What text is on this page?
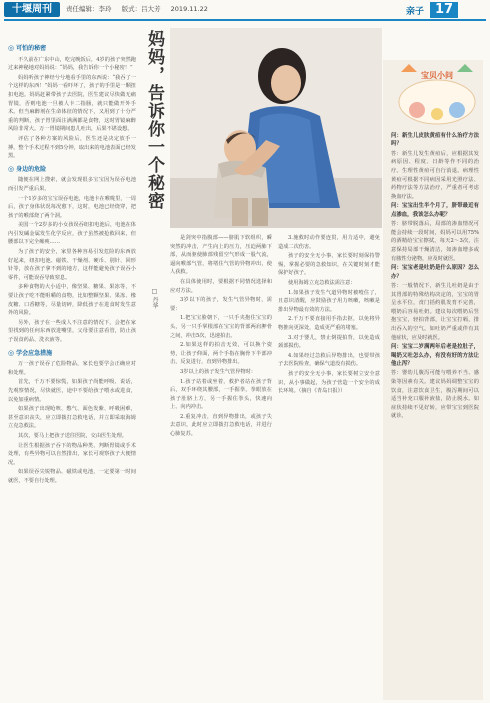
十堰周刊	责任编辑：李玲 版式：吕大芳 2019.11.22	亲子 17
◎ 可怕的秘密

不久前在广东中山，吃完晚饭后，4岁的孩子突然跑过来神秘地对妈妈说：“妈妈，我告诉你一个小秘密！”

妈妈听孩子神经兮兮地看手里的东西说：“我吞了一个这样的东西！”妈妈一看吓坏了，孩子的手里是一颗扭扣电池。妈妈赶紧带孩子去医院，医生建议尽快做无痛胃镜，否则电池一旦被人卡二指肠，就只能做开外手术。但当麻醉剂在生命体征的情况下，又用到了十分严重的判断，孩子胃里面注满满都是食物，这时胃镜麻醉风险非常大。万一胃镜期间患儿吐出，后果不堪设想。

评估了各种方案的风险后，医生还是决定放手一搏。整个手术过程不到5分钟，取出来的电池表面已经发黑。

◎ 身边的危险

随便在网上搜索，就会发现很多宝宝因为误吞电池而引发严重后果。

一个1岁多的宝宝误吞电池，电池卡在喉咙里，一周后，孩子身体状况每况愈下，这时，电池已经烧穿，把孩子的喉部烧了两个洞。

美国一个2岁多的小女孩误吞纽扣电池后，电池在体内引发碱金属发生化学反应，孩子虽然被抢救回来，但腰部以下完全瘫痪……

为了孩子的安全，家里各种容易引发危险的东西放好起来，纽扣电池、磁铁、干燥剂、硬币、别针、回形针等，放在孩子拿不到的地方，这样能避免孩子误吞小零件，可能误吞导致窒息。

多种食物的大小适中，像坚果、糖果、果冻等，不要让孩子吃不能咀嚼的食物，比如整颗坚果、果冻、橡皮糖、口香糖等，尽量切碎，降低孩子在进食时发生意外的风险。

另外，孩子在一些成人不注意的情况下，会把在家里找到的任何东西放进嘴里，父母要注意看管，防止孩子误食药品、洗衣液等。

◎ 学会应急措施

万一孩子误吞了危险物品，家长也要学会正确应对和处理。

首先，千万不要惊慌，如果孩子尚能呼吸、说话，先观察情况，尽快就医，途中不要给孩子喂水或进食，以免加重病情。

如果孩子出现呛咳、憋气、面色发紫、呼吸困难，甚至意识丧失，应立即拨打急救电话，并立即采取海姆立克急救法。

其次，要马上把孩子送往医院，交由医生处理。

让医生根据孩子吞下的物品种类、判断胃镜或手术处理，有些异物可以自然排出，家长可观察孩子大便情况。

如果误吞尖锐物品、磁铁或电池，一定要第一时间就医，不要自行处理。

妈妈，告诉你一个秘密
□ 丹华

是剑突中指腹部——脐肌下软组织，瞬突然的冲击，产生向上的压力，压迫两肺下部，从而驱使肺部残留空气形成一股气流，逼向喉部气管，将堵住气管的异物冲出，使人获救。

在具体使用时，要根据不同情况选择和应对方法。

3岁以下的孩子，发生气管异物时，需要：

1.把宝宝脸朝下，一只手夹抱住宝宝的头，另一只手掌根部在宝宝的背部两肩胛骨之间，冲击5次，迅速拍击。

2.如果这样的拍击无效，可以换个姿势，让孩子仰面，两个手指在胸骨下半部冲击，反复进行，直到异物排出。

3岁以上的孩子发生气管异物时：

1.孩子站着或坐着，救护者站在孩子背后，双手环绕其腰部，一手握拳，拳眼放在孩子肚脐上方，另一手握住拳头，快速向上、向内冲击。

2.重复冲击，直到异物排出，或孩子失去意识，此时应立即拨打急救电话，并进行心肺复苏。

3.施救时动作要连贯，用力适中，避免造成二次伤害。

孩子的安全无小事，家长要时刻保持警惕，掌握必要的急救知识，在关键时刻才能保护好孩子。

使用海姆立克急救法需注意：

1.如果孩子发生气道异物时被噎住了，且意识清醒，应鼓励孩子用力咳嗽，咳嗽是排出异物最有效的方法。

2.千万不要直接用手指去抠，以免将异物推向更深处，造成更严重的堵塞。

3.对于婴儿，禁止倒提拍背，以免造成颈部损伤。

4.如果经过急救后异物排出，也要带孩子去医院检查，确保气道没有损伤。

孩子的安全无小事，家长要树立安全意识，从小事做起，为孩子营造一个安全的成长环境。（摘自《青岛日报》）

宝贝小问

问：新生儿皮肤黄疸有什么治疗方法吗？

答：新生儿发生黄疸后，应根据其发病原因、程度、日龄等作不同的治疗。生理性黄疸可自行消退。病理性黄疸可根据不同病因采用光照疗法、药物疗法等方法治疗，严重者可考虑换血疗法。

问：宝宝出生半个月了，脐带最近有点渗血，我该怎么办呢？

答：脐带脱落后，局部的渗血情况可能会持续一段时间，妈妈可以用75%的酒精给宝宝擦拭，每天2～3次，注意保持局部干燥清洁，如渗血增多或有脓性分泌物，应及时就医。

问：宝宝老是吐奶是什么原因？怎么办？

答：一般情况下，新生儿吐奶是由于其胃部的特殊结构决定的，宝宝的胃呈水平位，贲门括约肌发育不完善，喂奶后容易吐奶。建议每次喂奶后竖抱宝宝，轻拍背部，让宝宝打嗝，排出吞入的空气。如吐奶严重或伴有其他症状，应及时就医。

问：宝宝二岁满两年后老是拉肚子，喝奶又吐怎么办，有没有好的方法让他止泻？

答：婴幼儿腹泻可能与喂养不当、感染等因素有关。建议妈妈调整宝宝的饮食，注意饮食卫生，腹泻期间可以适当补充口服补液盐，防止脱水。如症状持续不见好转，应带宝宝到医院就诊。
